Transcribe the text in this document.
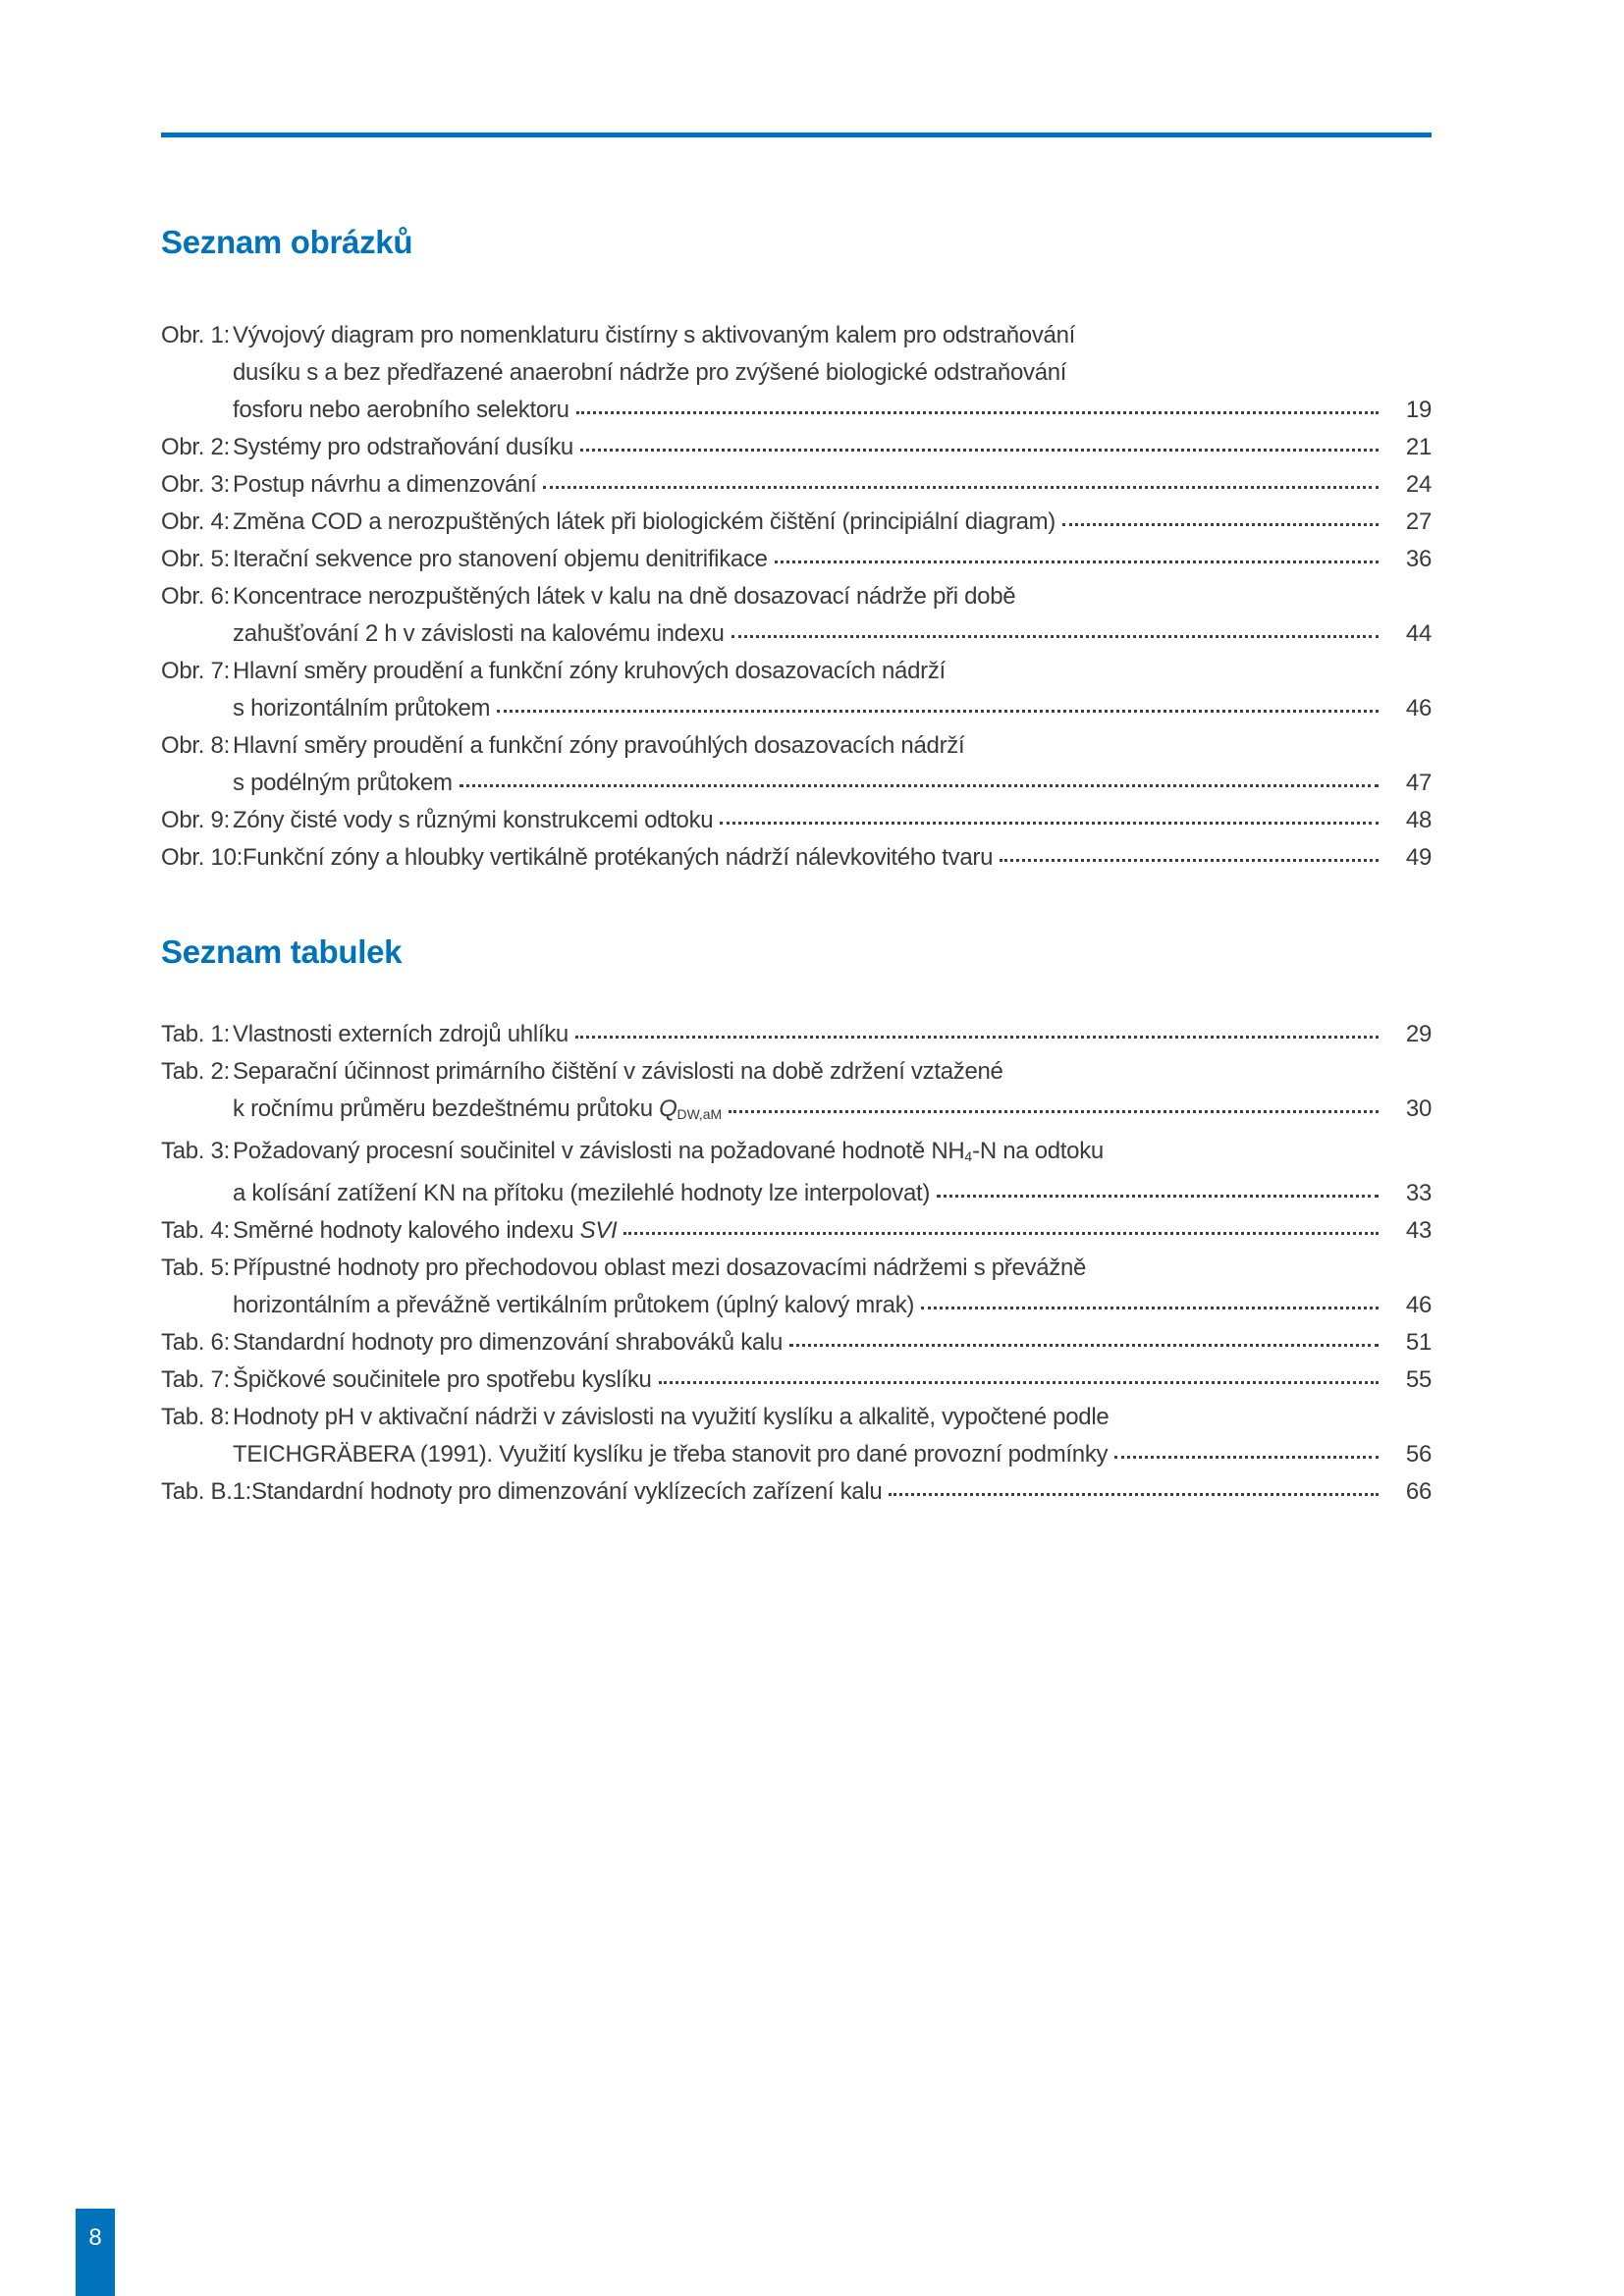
Seznam obrázků
Obr. 1: Vývojový diagram pro nomenklaturu čistírny s aktivovaným kalem pro odstraňování
dusíku s a bez předřazené anaerobní nádrže pro zvýšené biologické odstraňování
fosforu nebo aerobního selektoru	19
Obr. 2: Systémy pro odstraňování dusíku	21
Obr. 3: Postup návrhu a dimenzování	24
Obr. 4: Změna COD a nerozpuštěných látek při biologickém čištění (principiální diagram)	27
Obr. 5: Iterační sekvence pro stanovení objemu denitrifikace	36
Obr. 6: Koncentrace nerozpuštěných látek v kalu na dně dosazovací nádrže při době
zahušťování 2 h v závislosti na kalovému indexu	44
Obr. 7: Hlavní směry proudění a funkční zóny kruhových dosazovacích nádrží
s horizontálním průtokem	46
Obr. 8: Hlavní směry proudění a funkční zóny pravoúhlých dosazovacích nádrží
s podélným průtokem	47
Obr. 9: Zóny čisté vody s různými konstrukcemi odtoku	48
Obr. 10: Funkční zóny a hloubky vertikálně protékaných nádrží nálevkovitého tvaru	49
Seznam tabulek
Tab. 1: Vlastnosti externích zdrojů uhlíku	29
Tab. 2: Separační účinnost primárního čištění v závislosti na době zdržení vztažené
k ročnímu průměru bezdeštnému průtoku $Q_{DW,aM}$	30
Tab. 3: Požadovaný procesní součinitel v závislosti na požadované hodnotě $NH_4-N$ na odtoku
a kolísání zatížení KN na přítoku (mezilehlé hodnoty lze interpolovat)	33
Tab. 4: Směrné hodnoty kalového indexu SVI	43
Tab. 5: Přípustné hodnoty pro přechodovou oblast mezi dosazovacími nádržemi s převážně
horizontálním a převážně vertikálním průtokem (úplný kalový mrak)	46
Tab. 6: Standardní hodnoty pro dimenzování shrabováků kalu	51
Tab. 7: Špičkové součinitele pro spotřebu kyslíku	55
Tab. 8: Hodnoty pH v aktivační nádrži v závislosti na využití kyslíku a alkalitě, vypočtené podle
TEICHGRÄBERA (1991). Využití kyslíku je třeba stanovit pro dané provozní podmínky	56
Tab. B.1: Standardní hodnoty pro dimenzování vyklízecích zařízení kalu	66
8
